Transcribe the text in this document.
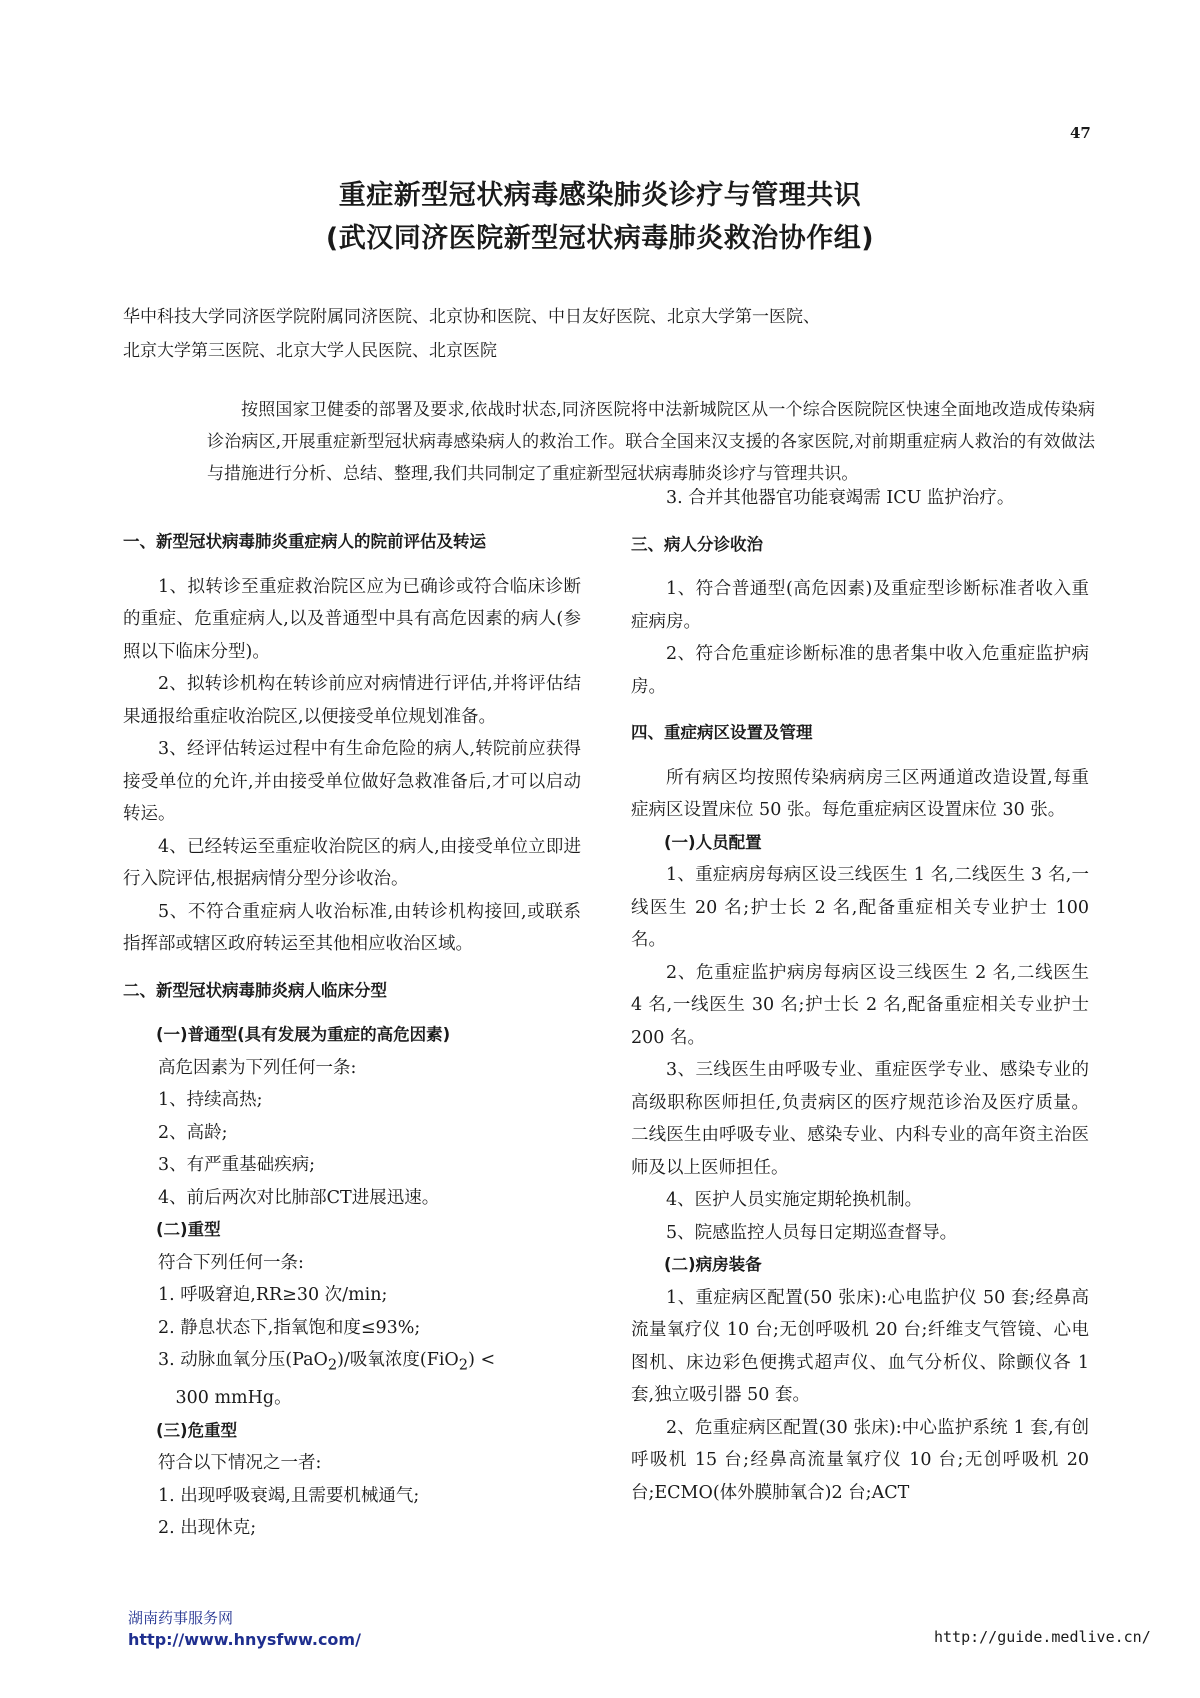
47
重症新型冠状病毒感染肺炎诊疗与管理共识
(武汉同济医院新型冠状病毒肺炎救治协作组)
华中科技大学同济医学院附属同济医院、北京协和医院、中日友好医院、北京大学第一医院、
北京大学第三医院、北京大学人民医院、北京医院
按照国家卫健委的部署及要求,依战时状态,同济医院将中法新城院区从一个综合医院院区快速全面地改造成传染病诊治病区,开展重症新型冠状病毒感染病人的救治工作。联合全国来汉支援的各家医院,对前期重症病人救治的有效做法与措施进行分析、总结、整理,我们共同制定了重症新型冠状病毒肺炎诊疗与管理共识。

一、新型冠状病毒肺炎重症病人的院前评估及转运

1、拟转诊至重症救治院区应为已确诊或符合临床诊断的重症、危重症病人,以及普通型中具有高危因素的病人(参照以下临床分型)。

2、拟转诊机构在转诊前应对病情进行评估,并将评估结果通报给重症收治院区,以便接受单位规划准备。

3、经评估转运过程中有生命危险的病人,转院前应获得接受单位的允许,并由接受单位做好急救准备后,才可以启动转运。

4、已经转运至重症收治院区的病人,由接受单位立即进行入院评估,根据病情分型分诊收治。

5、不符合重症病人收治标准,由转诊机构接回,或联系指挥部或辖区政府转运至其他相应收治区域。

二、新型冠状病毒肺炎病人临床分型

(一)普通型(具有发展为重症的高危因素)

高危因素为下列任何一条:

1、持续高热;

2、高龄;

3、有严重基础疾病;

4、前后两次对比肺部CT进展迅速。

(二)重型

符合下列任何一条:

1. 呼吸窘迫,RR≥30 次/min;

2. 静息状态下,指氧饱和度≤93%;

3. 动脉血氧分压(PaO$_2$)/吸氧浓度(FiO$_2$) <

300 mmHg。

(三)危重型

符合以下情况之一者:

1. 出现呼吸衰竭,且需要机械通气;

2. 出现休克;

3. 合并其他器官功能衰竭需 ICU 监护治疗。

三、病人分诊收治

1、符合普通型(高危因素)及重症型诊断标准者收入重症病房。

2、符合危重症诊断标准的患者集中收入危重症监护病房。

四、重症病区设置及管理

所有病区均按照传染病病房三区两通道改造设置,每重症病区设置床位 50 张。每危重症病区设置床位 30 张。

(一)人员配置

1、重症病房每病区设三线医生 1 名,二线医生 3 名,一线医生 20 名;护士长 2 名,配备重症相关专业护士 100 名。

2、危重症监护病房每病区设三线医生 2 名,二线医生 4 名,一线医生 30 名;护士长 2 名,配备重症相关专业护士 200 名。

3、三线医生由呼吸专业、重症医学专业、感染专业的高级职称医师担任,负责病区的医疗规范诊治及医疗质量。二线医生由呼吸专业、感染专业、内科专业的高年资主治医师及以上医师担任。

4、医护人员实施定期轮换机制。

5、院感监控人员每日定期巡查督导。

(二)病房装备

1、重症病区配置(50 张床):心电监护仪 50 套;经鼻高流量氧疗仪 10 台;无创呼吸机 20 台;纤维支气管镜、心电图机、床边彩色便携式超声仪、血气分析仪、除颤仪各 1 套,独立吸引器 50 套。

2、危重症病区配置(30 张床):中心监护系统 1 套,有创呼吸机 15 台;经鼻高流量氧疗仪 10 台;无创呼吸机 20 台;ECMO(体外膜肺氧合)2 台;ACT

湖南药事服务网
http://www.hnysfww.com/	http://guide.medlive.cn/
